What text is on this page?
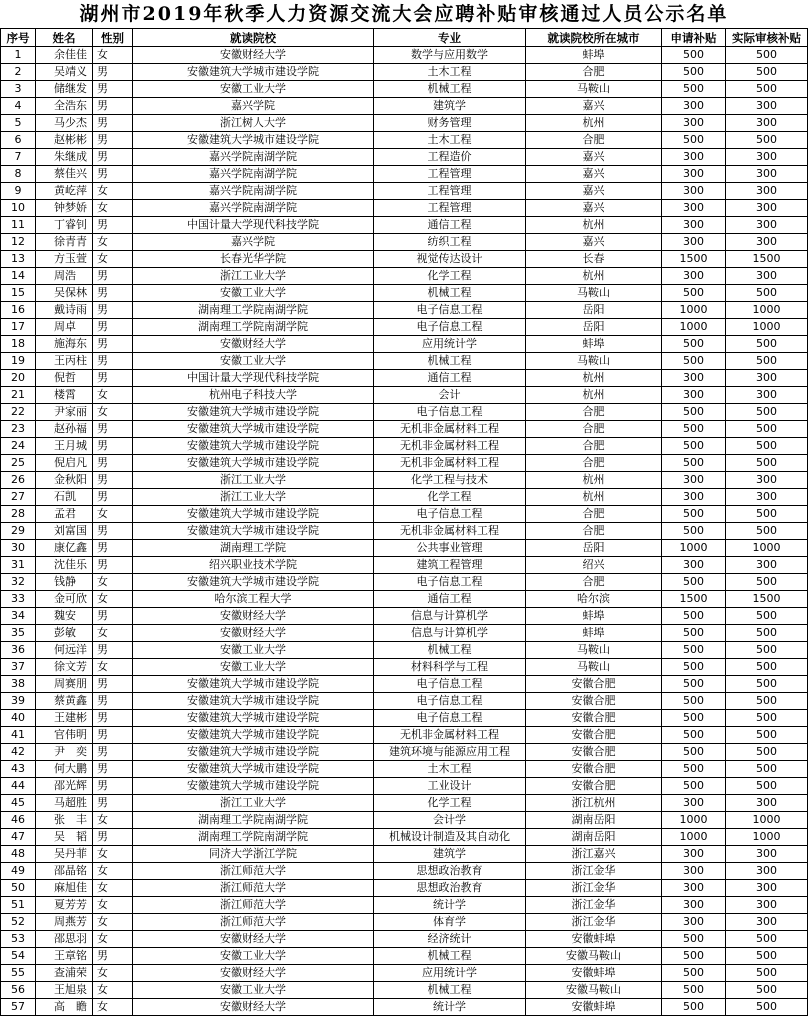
湖州市2019年秋季人力资源交流大会应聘补贴审核通过人员公示名单
序号	姓名	性别	就读院校	专业	就读院校所在城市	申请补贴	实际审核补贴
1	余佳佳	女	安徽财经大学	数学与应用数学	蚌埠	500	500
2	吴靖义	男	安徽建筑大学城市建设学院	土木工程	合肥	500	500
3	储继发	男	安徽工业大学	机械工程	马鞍山	500	500
4	全浩东	男	嘉兴学院	建筑学	嘉兴	300	300
5	马少杰	男	浙江树人大学	财务管理	杭州	300	300
6	赵彬彬	男	安徽建筑大学城市建设学院	土木工程	合肥	500	500
7	朱继成	男	嘉兴学院南湖学院	工程造价	嘉兴	300	300
8	蔡佳兴	男	嘉兴学院南湖学院	工程管理	嘉兴	300	300
9	黄屹萍	女	嘉兴学院南湖学院	工程管理	嘉兴	300	300
10	钟梦娇	女	嘉兴学院南湖学院	工程管理	嘉兴	300	300
11	丁睿钊	男	中国计量大学现代科技学院	通信工程	杭州	300	300
12	徐青青	女	嘉兴学院	纺织工程	嘉兴	300	300
13	方玉萱	女	长春光华学院	视觉传达设计	长春	1500	1500
14	周浩	男	浙江工业大学	化学工程	杭州	300	300
15	吴保林	男	安徽工业大学	机械工程	马鞍山	500	500
16	戴诗雨	男	湖南理工学院南湖学院	电子信息工程	岳阳	1000	1000
17	周卓	男	湖南理工学院南湖学院	电子信息工程	岳阳	1000	1000
18	施海东	男	安徽财经大学	应用统计学	蚌埠	500	500
19	王丙柱	男	安徽工业大学	机械工程	马鞍山	500	500
20	倪哲	男	中国计量大学现代科技学院	通信工程	杭州	300	300
21	楼霄	女	杭州电子科技大学	会计	杭州	300	300
22	尹家丽	女	安徽建筑大学城市建设学院	电子信息工程	合肥	500	500
23	赵孙福	男	安徽建筑大学城市建设学院	无机非金属材料工程	合肥	500	500
24	王月城	男	安徽建筑大学城市建设学院	无机非金属材料工程	合肥	500	500
25	倪启凡	男	安徽建筑大学城市建设学院	无机非金属材料工程	合肥	500	500
26	金秋阳	男	浙江工业大学	化学工程与技术	杭州	300	300
27	石凯	男	浙江工业大学	化学工程	杭州	300	300
28	孟君	女	安徽建筑大学城市建设学院	电子信息工程	合肥	500	500
29	刘富国	男	安徽建筑大学城市建设学院	无机非金属材料工程	合肥	500	500
30	康亿鑫	男	湖南理工学院	公共事业管理	岳阳	1000	1000
31	沈佳乐	男	绍兴职业技术学院	建筑工程管理	绍兴	300	300
32	钱静	女	安徽建筑大学城市建设学院	电子信息工程	合肥	500	500
33	金可欣	女	哈尔滨工程大学	通信工程	哈尔滨	1500	1500
34	魏安	男	安徽财经大学	信息与计算机学	蚌埠	500	500
35	彭敏	女	安徽财经大学	信息与计算机学	蚌埠	500	500
36	何远洋	男	安徽工业大学	机械工程	马鞍山	500	500
37	徐文芳	女	安徽工业大学	材料科学与工程	马鞍山	500	500
38	周赛朋	男	安徽建筑大学城市建设学院	电子信息工程	安徽合肥	500	500
39	蔡黄鑫	男	安徽建筑大学城市建设学院	电子信息工程	安徽合肥	500	500
40	王建彬	男	安徽建筑大学城市建设学院	电子信息工程	安徽合肥	500	500
41	官伟明	男	安徽建筑大学城市建设学院	无机非金属材料工程	安徽合肥	500	500
42	尹　奕	男	安徽建筑大学城市建设学院	建筑环境与能源应用工程	安徽合肥	500	500
43	何大鹏	男	安徽建筑大学城市建设学院	土木工程	安徽合肥	500	500
44	邵光辉	男	安徽建筑大学城市建设学院	工业设计	安徽合肥	500	500
45	马超胜	男	浙江工业大学	化学工程	浙江杭州	300	300
46	张　丰	女	湖南理工学院南湖学院	会计学	湖南岳阳	1000	1000
47	吴　韬	男	湖南理工学院南湖学院	机械设计制造及其自动化	湖南岳阳	1000	1000
48	吴丹菲	女	同济大学浙江学院	建筑学	浙江嘉兴	300	300
49	邵晶铭	女	浙江师范大学	思想政治教育	浙江金华	300	300
50	麻旭佳	女	浙江师范大学	思想政治教育	浙江金华	300	300
51	夏芳芳	女	浙江师范大学	统计学	浙江金华	300	300
52	周燕芳	女	浙江师范大学	体育学	浙江金华	300	300
53	邵思羽	女	安徽财经大学	经济统计	安徽蚌埠	500	500
54	王章铭	男	安徽工业大学	机械工程	安徽马鞍山	500	500
55	查浦荣	女	安徽财经大学	应用统计学	安徽蚌埠	500	500
56	王旭泉	女	安徽工业大学	机械工程	安徽马鞍山	500	500
57	高　瞻	女	安徽财经大学	统计学	安徽蚌埠	500	500
